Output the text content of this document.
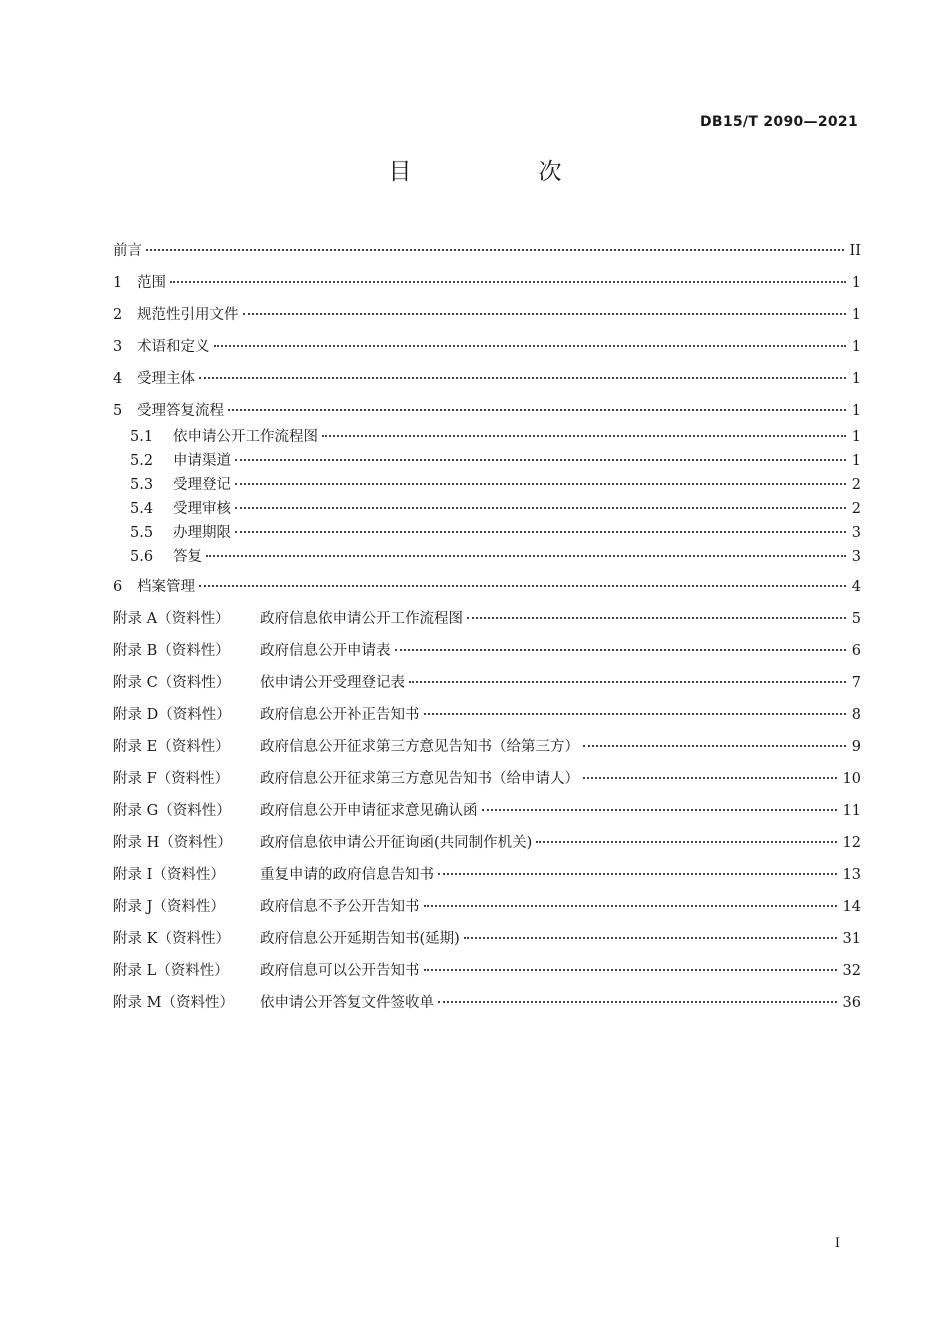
DB15/T 2090—2021
目　次
前言	II
1	范围	1
2	规范性引用文件	1
3	术语和定义	1
4	受理主体	1
5	受理答复流程	1
5.1	依申请公开工作流程图	1
5.2	申请渠道	1
5.3	受理登记	2
5.4	受理审核	2
5.5	办理期限	3
5.6	答复	3
6	档案管理	4
附录 A（资料性）	政府信息依申请公开工作流程图	5
附录 B（资料性）	政府信息公开申请表	6
附录 C（资料性）	依申请公开受理登记表	7
附录 D（资料性）	政府信息公开补正告知书	8
附录 E（资料性）	政府信息公开征求第三方意见告知书（给第三方）	9
附录 F（资料性）	政府信息公开征求第三方意见告知书（给申请人）	10
附录 G（资料性）	政府信息公开申请征求意见确认函	11
附录 H（资料性）	政府信息依申请公开征询函(共同制作机关)	12
附录 I（资料性）	重复申请的政府信息告知书	13
附录 J（资料性）	政府信息不予公开告知书	14
附录 K（资料性）	政府信息公开延期告知书(延期)	31
附录 L（资料性）	政府信息可以公开告知书	32
附录 M（资料性）	依申请公开答复文件签收单	36
I
